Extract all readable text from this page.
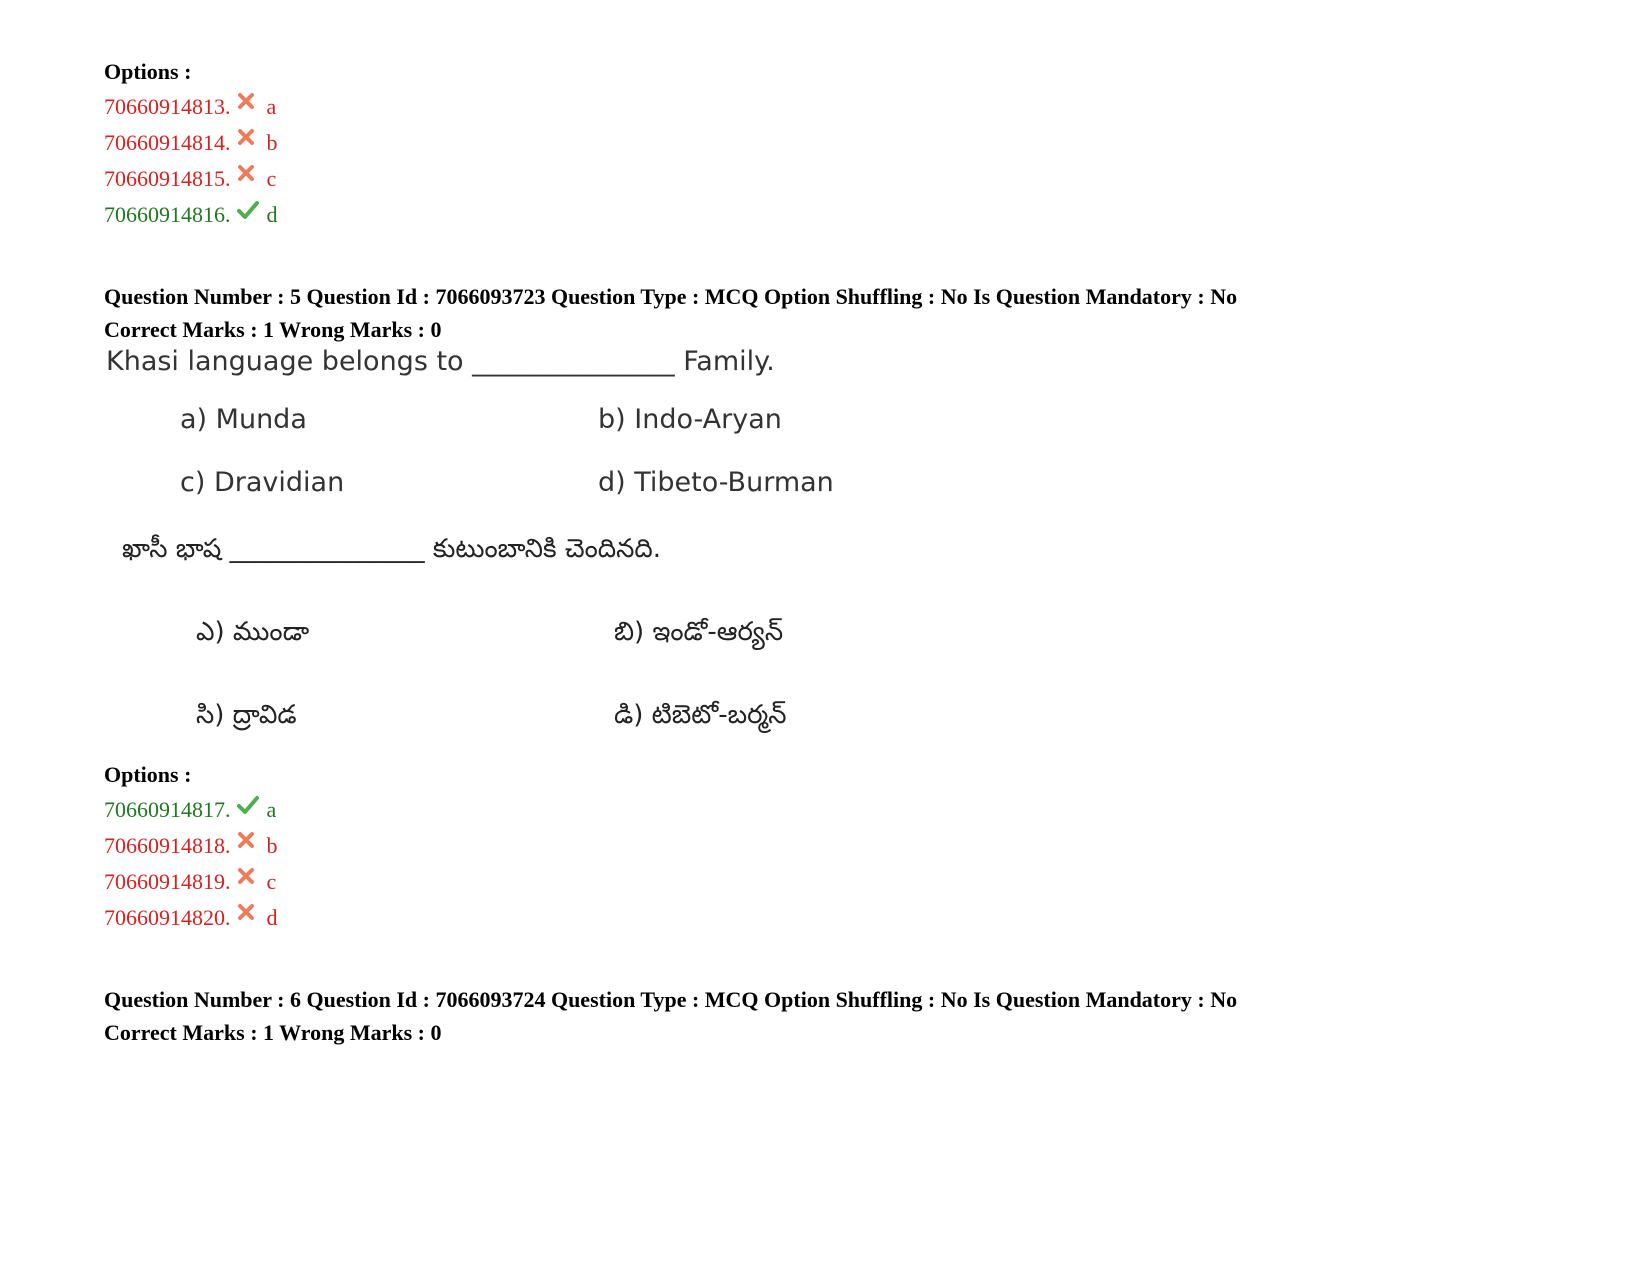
Options :
70660914813. a
70660914814. b
70660914815. c
70660914816. d
Question Number : 5 Question Id : 7066093723 Question Type : MCQ Option Shuffling : No Is Question Mandatory : No
Correct Marks : 1 Wrong Marks : 0
Khasi language belongs to _______________ Family.
a) Munda	b) Indo-Aryan
c) Dravidian	d) Tibeto-Burman
ఖాసీ భాష _______________ కుటుంబానికి చెందినది.
ఎ) ముండా	బి) ఇండో-ఆర్యన్
సి) ద్రావిడ	డి) టిబెటో-బర్మన్
Options :
70660914817. a
70660914818. b
70660914819. c
70660914820. d
Question Number : 6 Question Id : 7066093724 Question Type : MCQ Option Shuffling : No Is Question Mandatory : No
Correct Marks : 1 Wrong Marks : 0
